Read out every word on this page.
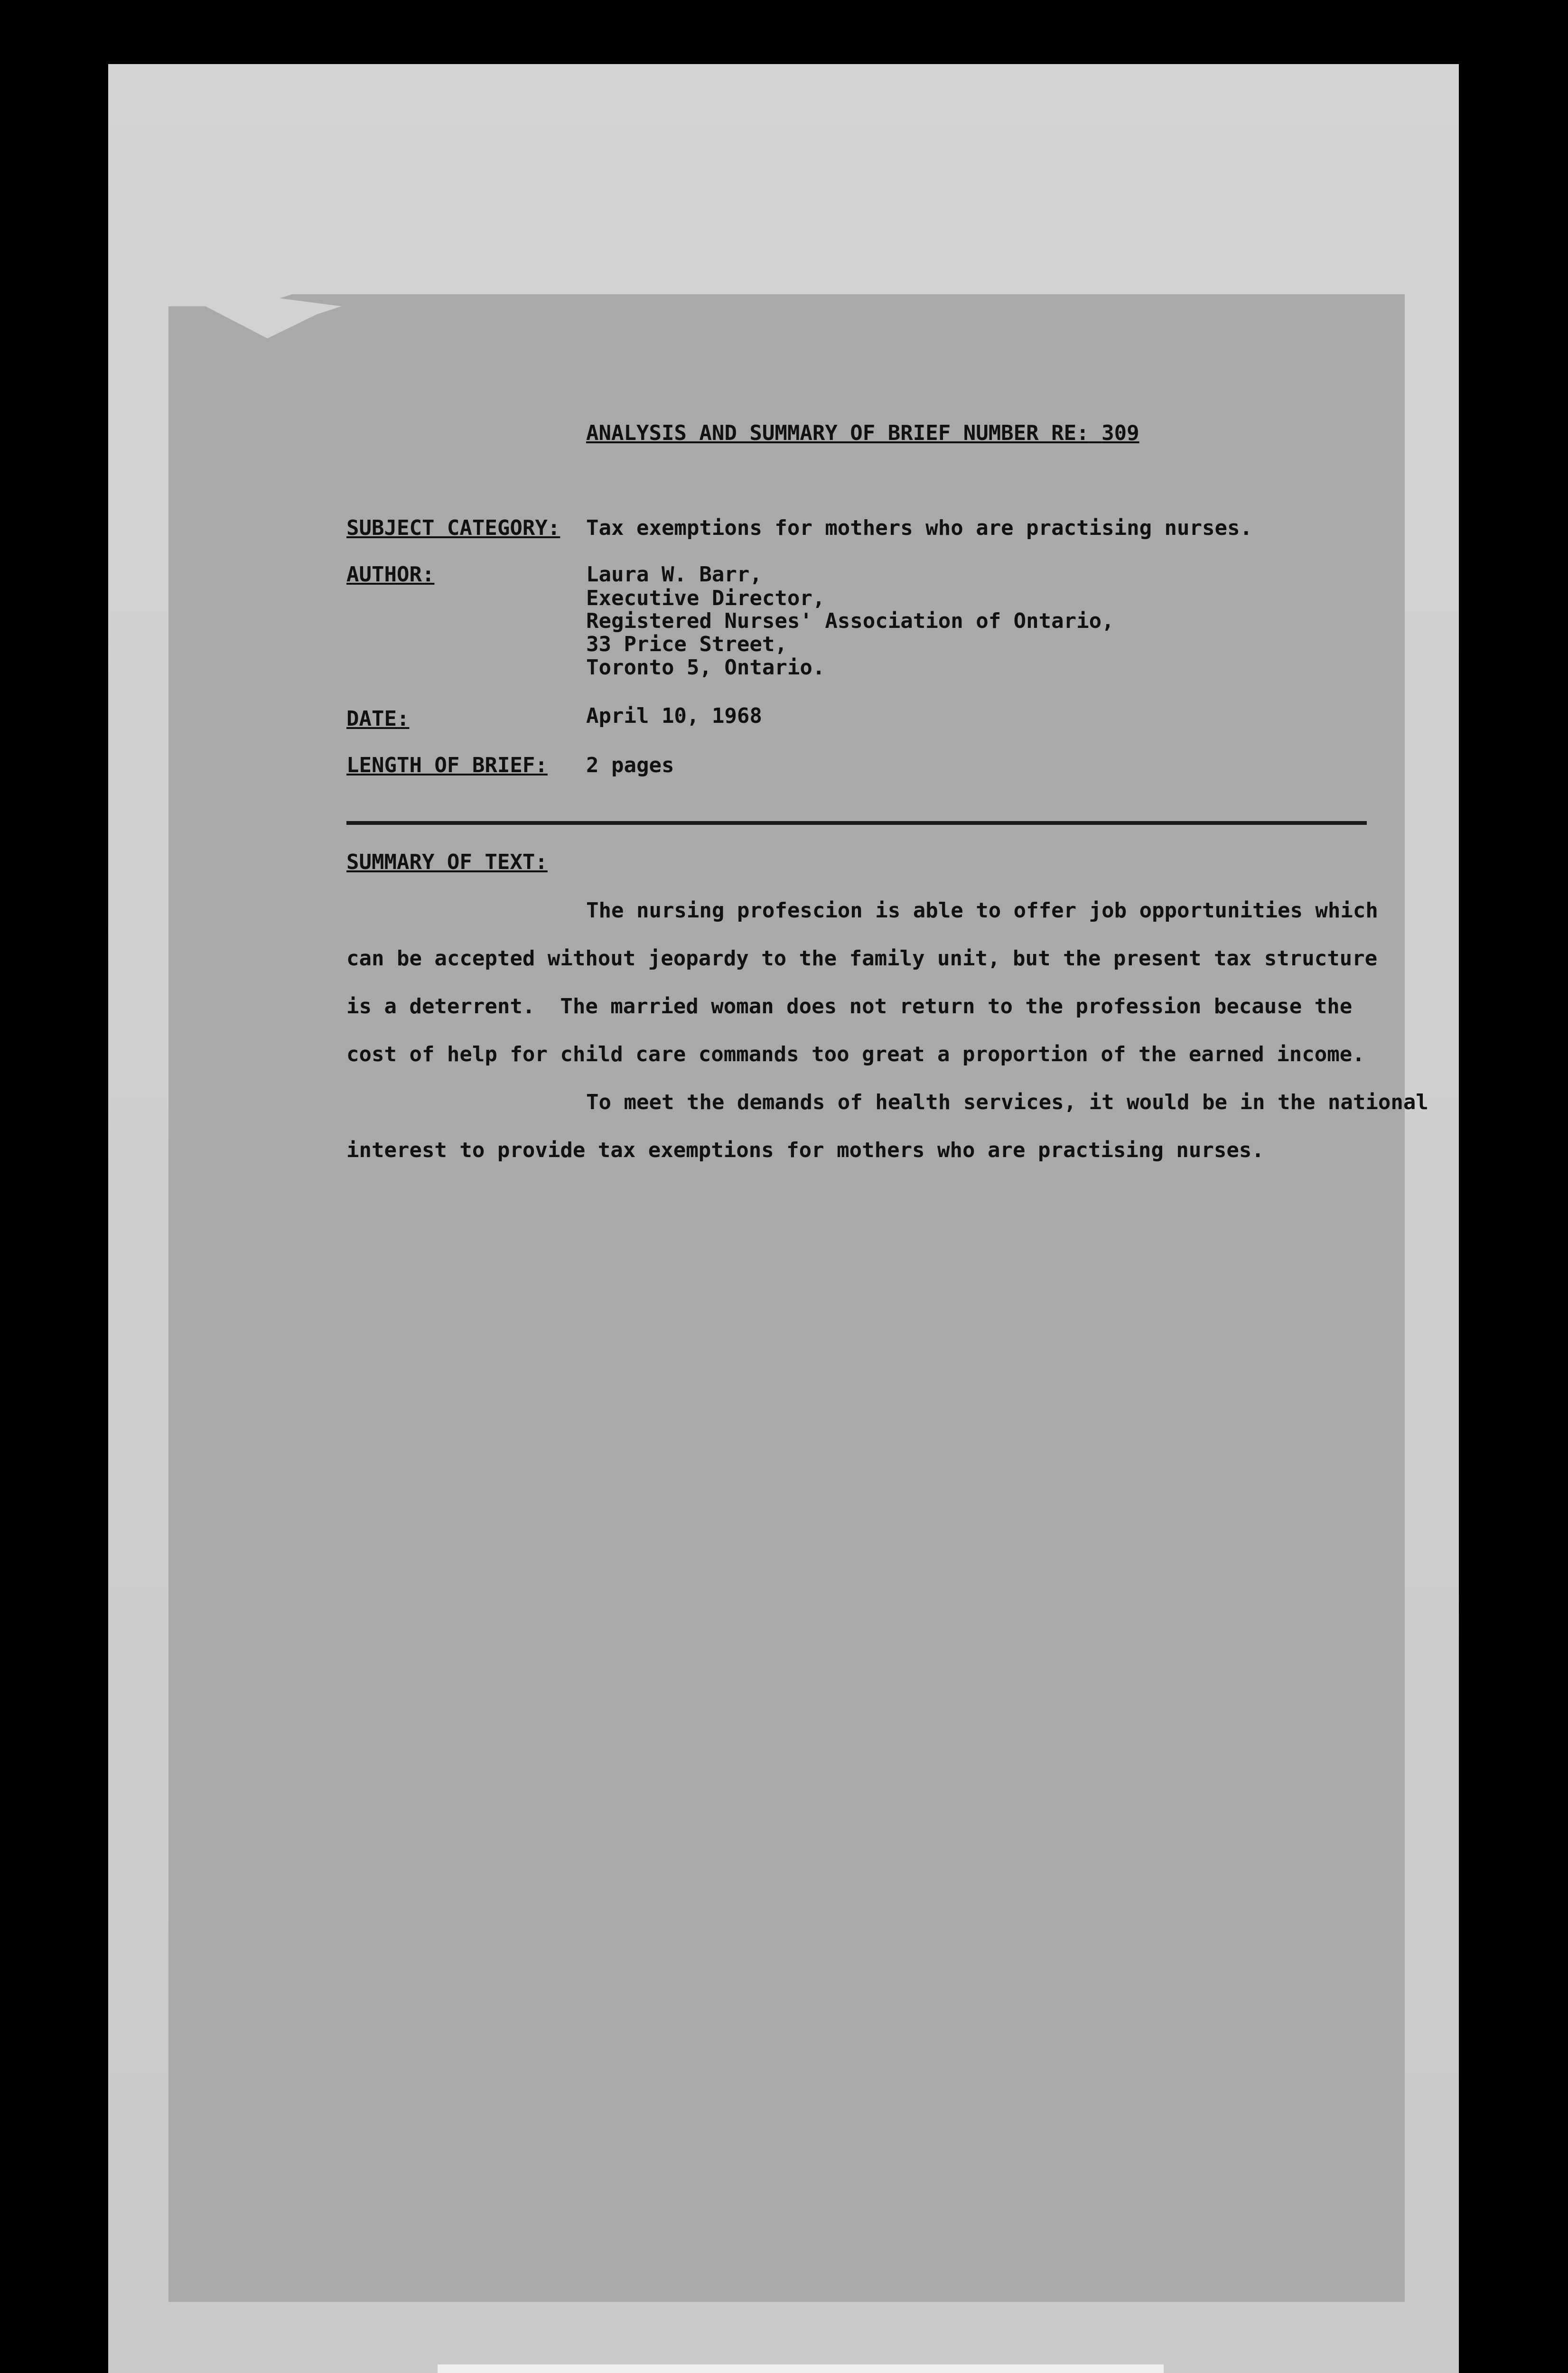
ANALYSIS AND SUMMARY OF BRIEF NUMBER RE: 309
SUBJECT CATEGORY: Tax exemptions for mothers who are practising nurses.
AUTHOR:	Laura W. Barr,
Executive Director,
Registered Nurses' Association of Ontario,
33 Price Street,
Toronto 5, Ontario.
DATE:	April 10, 1968
LENGTH OF BRIEF: 2 pages
SUMMARY OF TEXT:
The nursing profescion is able to offer job opportunities which
can be accepted without jeopardy to the family unit, but the present tax structure
is a deterrent.  The married woman does not return to the profession because the
cost of help for child care commands too great a proportion of the earned income.
To meet the demands of health services, it would be in the national
interest to provide tax exemptions for mothers who are practising nurses.
